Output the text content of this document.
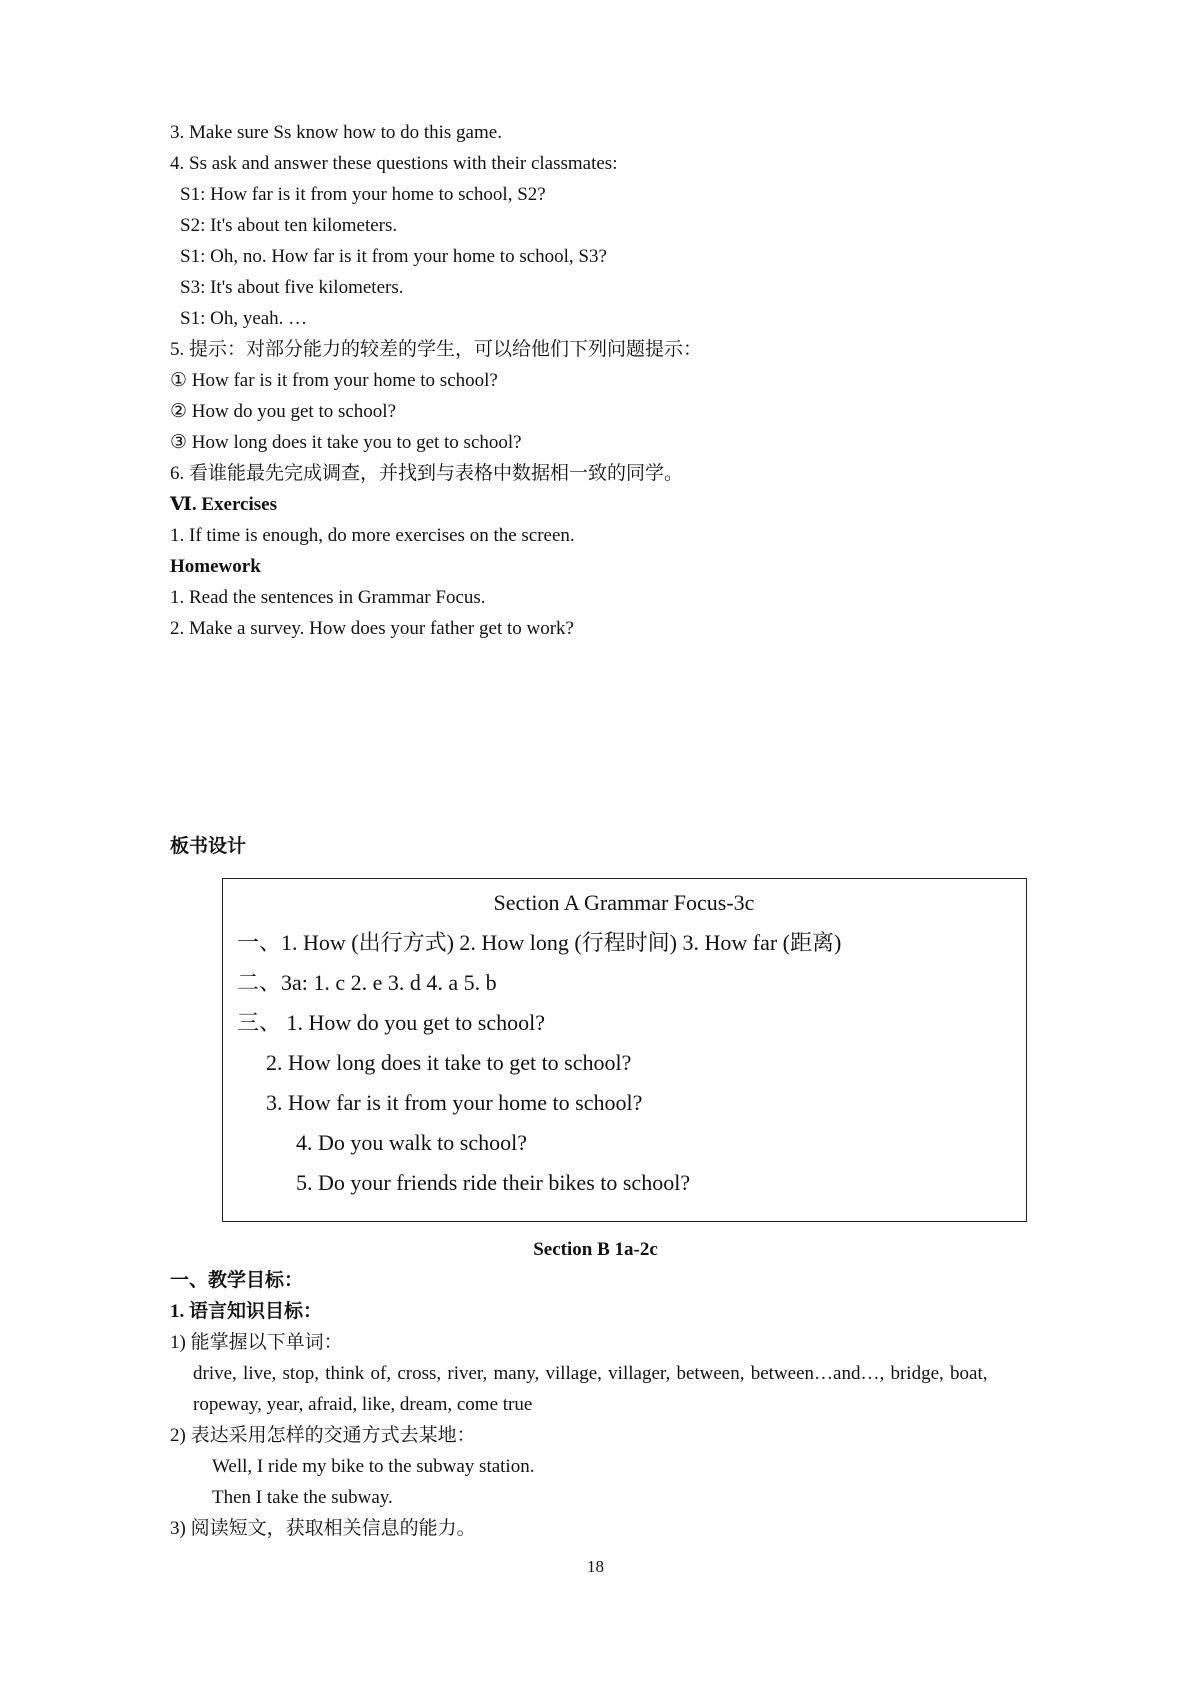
3. Make sure Ss know how to do this game.
4. Ss ask and answer these questions with their classmates:
S1: How far is it from your home to school, S2?
S2: It's about ten kilometers.
S1: Oh, no. How far is it from your home to school, S3?
S3: It's about five kilometers.
S1: Oh, yeah. …
5. 提示：对部分能力的较差的学生，可以给他们下列问题提示：
① How far is it from your home to school?
② How do you get to school?
③ How long does it take you to get to school?
6. 看谁能最先完成调查，并找到与表格中数据相一致的同学。
Ⅵ. Exercises
1. If time is enough, do more exercises on the screen.
Homework
1. Read the sentences in Grammar Focus.
2. Make a survey. How does your father get to work?
板书设计
Section A Grammar Focus-3c
一、1. How (出行方式) 2. How long (行程时间) 3. How far (距离)
二、3a: 1. c 2. e 3. d 4. a 5. b
三、 1. How do you get to school?
2. How long does it take to get to school?
3. How far is it from your home to school?
4. Do you walk to school?
5. Do your friends ride their bikes to school?
Section B 1a-2c
一、教学目标：
1. 语言知识目标：
1) 能掌握以下单词：
drive, live, stop, think of, cross, river, many, village, villager, between, between…and…, bridge, boat,
ropeway, year, afraid, like, dream, come true
2) 表达采用怎样的交通方式去某地：
Well, I ride my bike to the subway station.
Then I take the subway.
3) 阅读短文，获取相关信息的能力。
18
